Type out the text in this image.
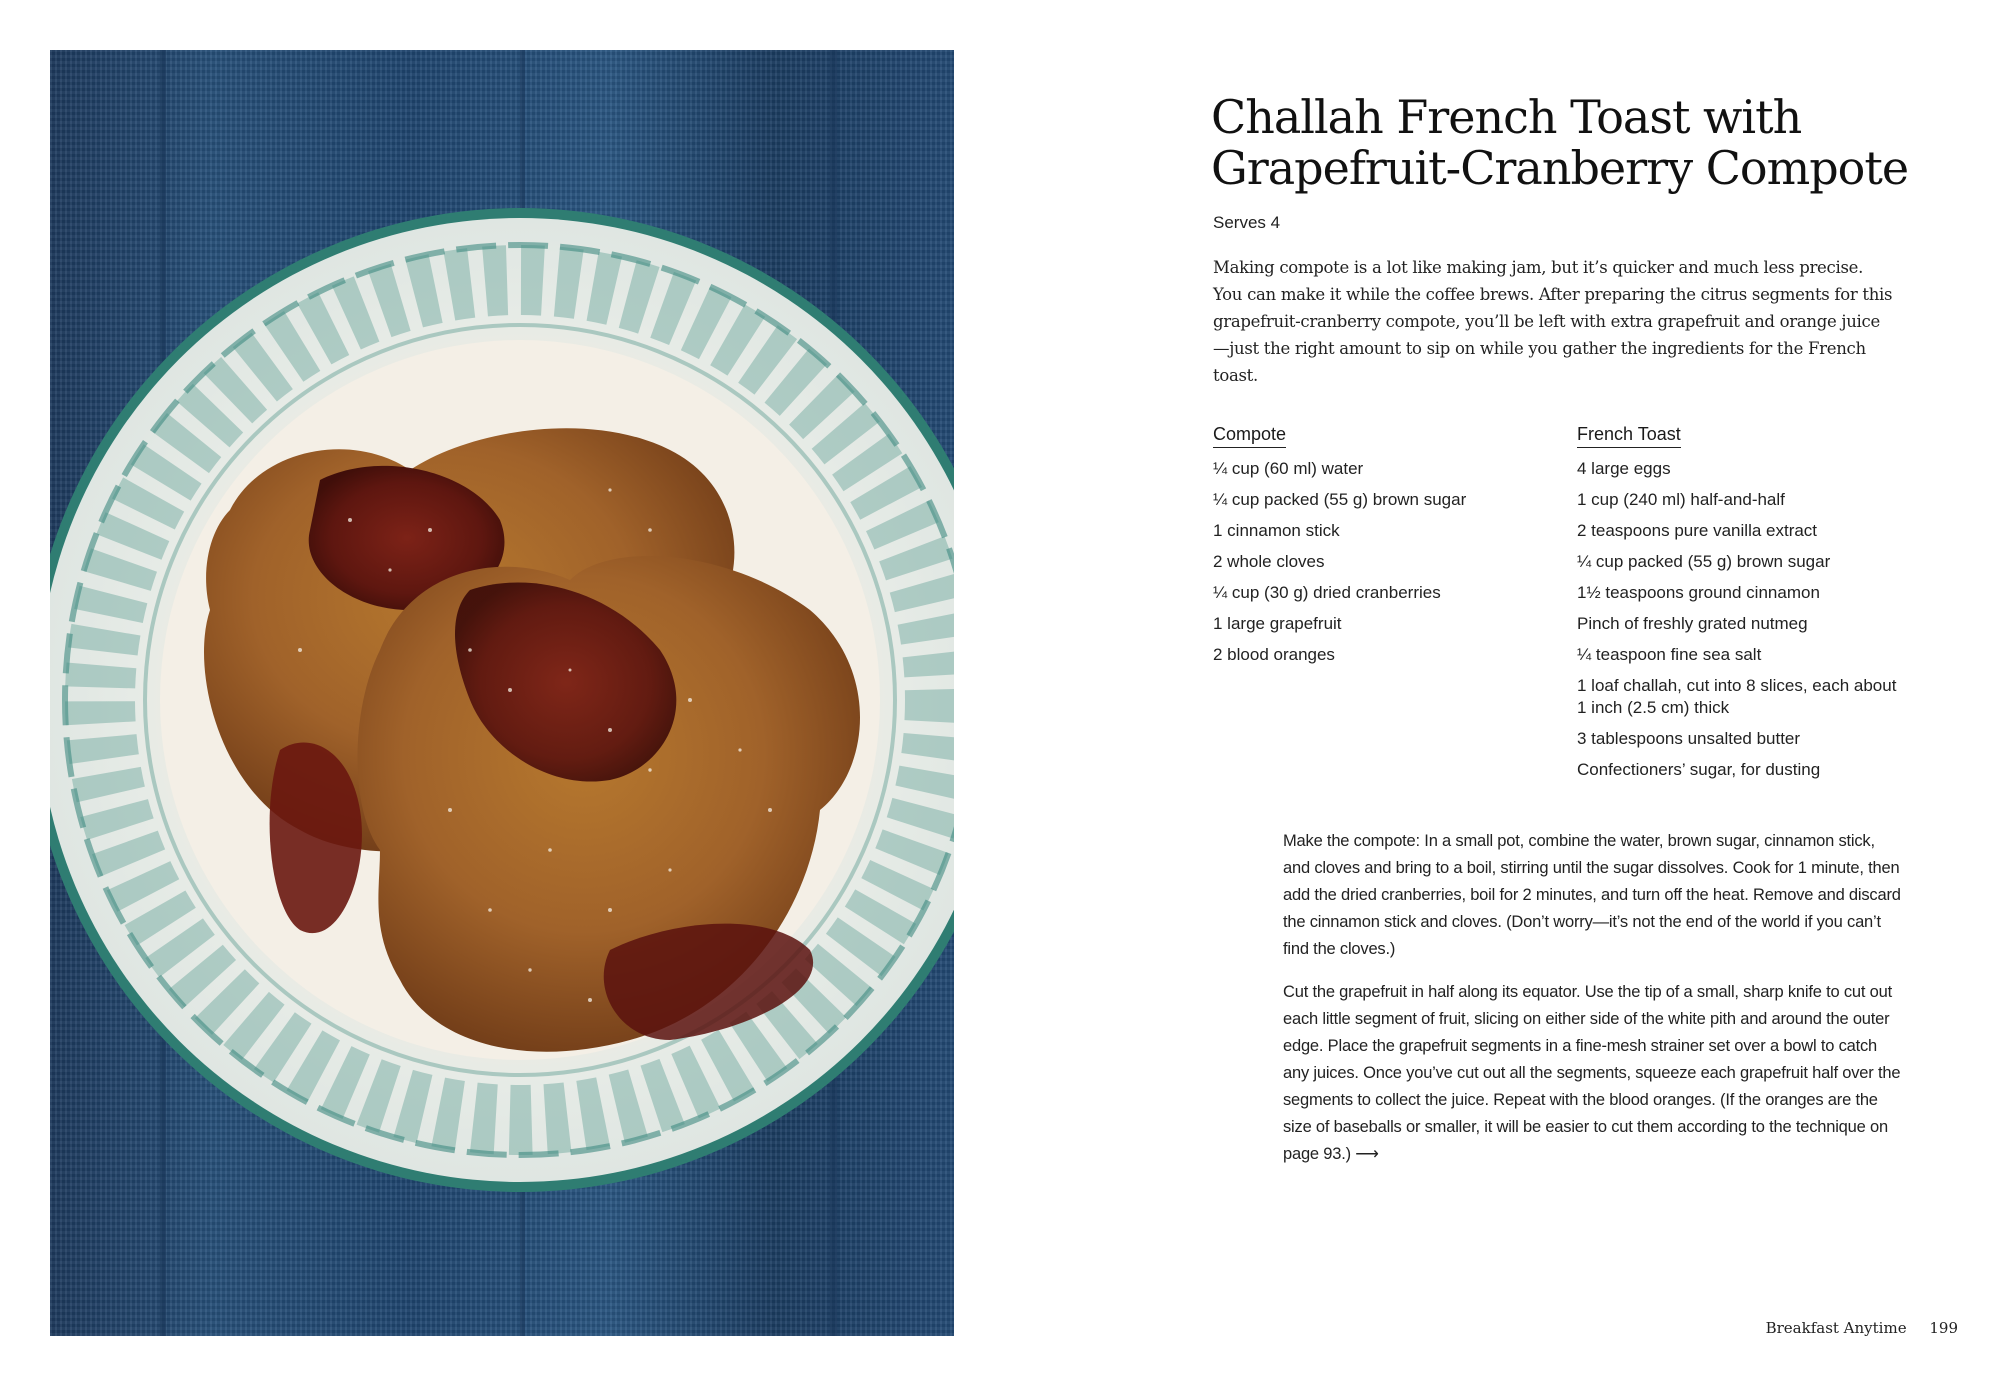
Challah French Toast with
Grapefruit-Cranberry Compote
Serves 4
Making compote is a lot like making jam, but it’s quicker and much less precise. You can make it while the coffee brews. After preparing the citrus segments for this grapefruit-cranberry compote, you’ll be left with extra grapefruit and orange juice—just the right amount to sip on while you gather the ingredients for the French toast.
Compote
¼ cup (60 ml) water
¼ cup packed (55 g) brown sugar
1 cinnamon stick
2 whole cloves
¼ cup (30 g) dried cranberries
1 large grapefruit
2 blood oranges
French Toast
4 large eggs
1 cup (240 ml) half-and-half
2 teaspoons pure vanilla extract
¼ cup packed (55 g) brown sugar
1½ teaspoons ground cinnamon
Pinch of freshly grated nutmeg
¼ teaspoon fine sea salt
1 loaf challah, cut into 8 slices, each about 1 inch (2.5 cm) thick
3 tablespoons unsalted butter
Confectioners’ sugar, for dusting

Make the compote: In a small pot, combine the water, brown sugar, cinnamon stick, and cloves and bring to a boil, stirring until the sugar dissolves. Cook for 1 minute, then add the dried cranberries, boil for 2 minutes, and turn off the heat. Remove and discard the cinnamon stick and cloves. (Don’t worry—it’s not the end of the world if you can’t find the cloves.)

Cut the grapefruit in half along its equator. Use the tip of a small, sharp knife to cut out each little segment of fruit, slicing on either side of the white pith and around the outer edge. Place the grapefruit segments in a fine-mesh strainer set over a bowl to catch any juices. Once you’ve cut out all the segments, squeeze each grapefruit half over the segments to collect the juice. Repeat with the blood oranges. (If the oranges are the size of baseballs or smaller, it will be easier to cut them according to the technique on page 93.) ⟶

Breakfast Anytime 199
